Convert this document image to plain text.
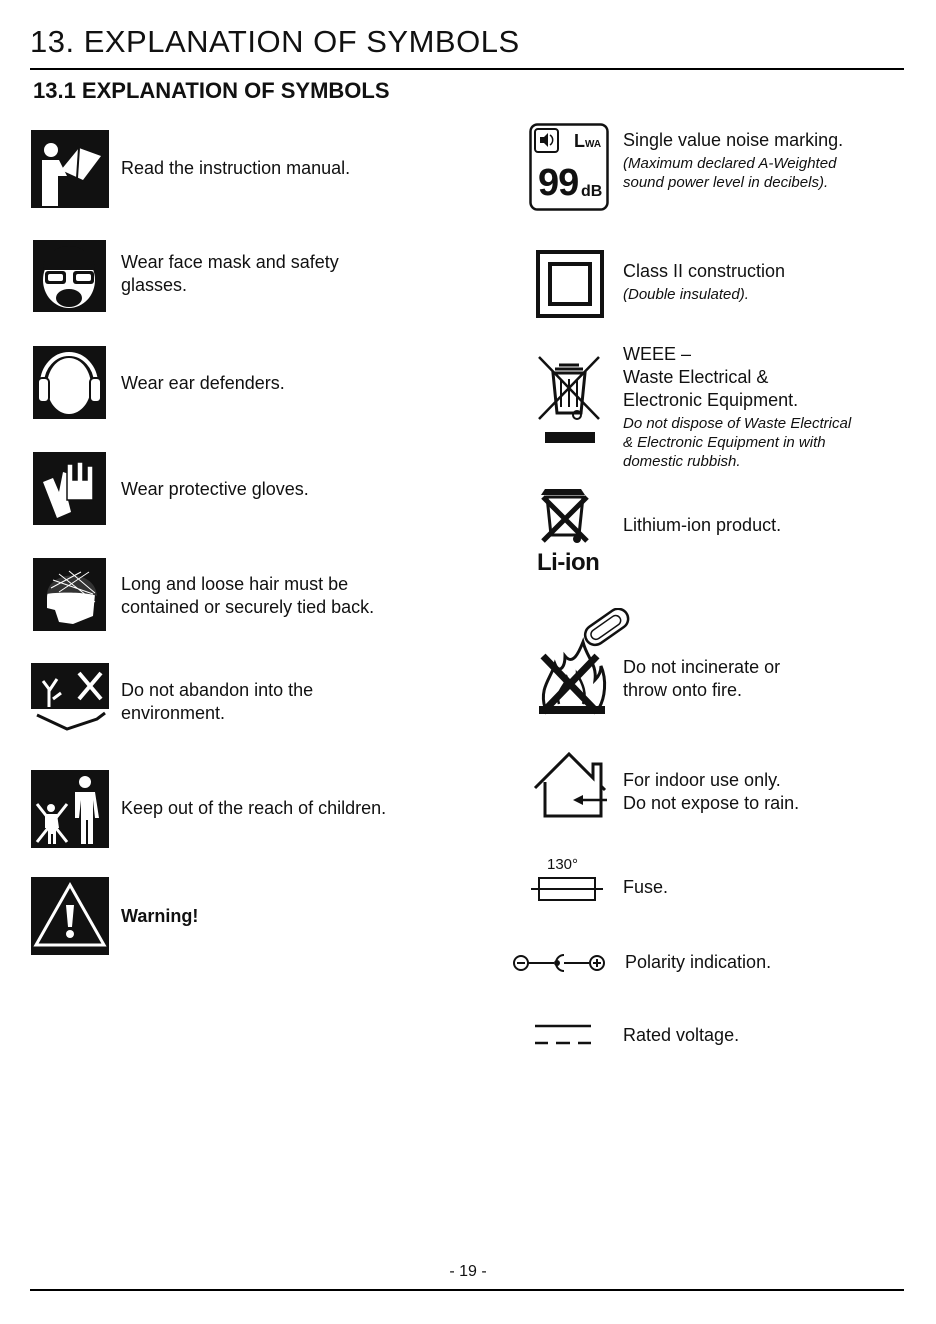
13. EXPLANATION OF SYMBOLS
13.1 EXPLANATION OF SYMBOLS
Read the instruction manual.
Wear face mask and safety
glasses.
Wear ear defenders.
Wear protective gloves.
Long and loose hair must be
contained or securely tied back.
Do not abandon into the
environment.
Keep out of the reach of children.
Warning!
LWA
99 dB
Single value noise marking.
(Maximum declared A-Weighted
sound power level in decibels).
Class II construction
(Double insulated).
WEEE –
Waste Electrical &
Electronic Equipment.
Do not dispose of Waste Electrical
& Electronic Equipment in with
domestic rubbish.
Li-ion
Lithium-ion product.
Do not incinerate or
throw onto fire.
For indoor use only.
Do not expose to rain.
130°
Fuse.
Polarity indication.
Rated voltage.
- 19 -
